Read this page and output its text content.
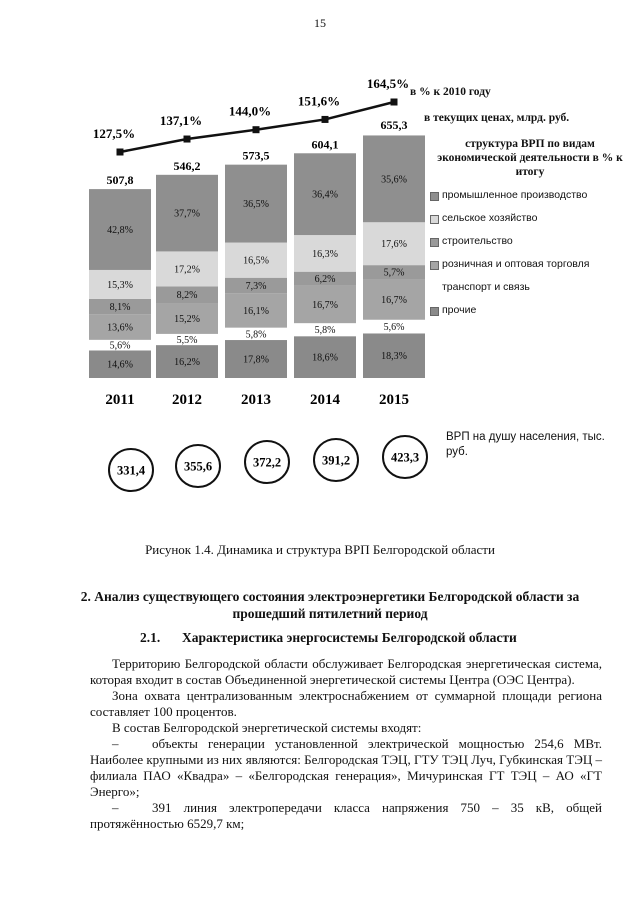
15
14,6%
5,6%
13,6%
8,1%
15,3%
42,8%
507,8
2011
16,2%
5,5%
15,2%
8,2%
17,2%
37,7%
546,2
2012
17,8%
5,8%
16,1%
7,3%
16,5%
36,5%
573,5
2013
18,6%
5,8%
16,7%
6,2%
16,3%
36,4%
604,1
2014
18,3%
5,6%
16,7%
5,7%
17,6%
35,6%
655,3
2015
127,5%
137,1%
144,0%
151,6%
164,5%
331,4	355,6	372,2	391,2	423,3
в % к 2010 году
в текущих ценах, млрд. руб.
структура ВРП по видам экономической деятельности в % к итогу
промышленное производство
сельское хозяйство
строительство
розничная и оптовая торговля
транспорт и связь
прочие
ВРП на душу населения, тыс. руб.
Рисунок 1.4. Динамика и структура ВРП Белгородской области
2. Анализ существующего состояния электроэнергетики Белгородской области за прошедший пятилетний период
2.1. Характеристика энергосистемы Белгородской области

Территорию Белгородской области обслуживает Белгородская энергетическая система, которая входит в состав Объединенной энергетической системы Центра (ОЭС Центра).

Зона охвата централизованным электроснабжением от суммарной площади региона составляет 100 процентов.

В состав Белгородской энергетической системы входят:

–	объекты генерации установленной электрической мощностью 254,6 МВт. Наиболее крупными из них являются: Белгородская ТЭЦ, ГТУ ТЭЦ Луч, Губкинская ТЭЦ – филиала ПАО «Квадра» – «Белгородская генерация», Мичуринская ГТ ТЭЦ – АО «ГТ Энерго»;

–	391 линия электропередачи класса напряжения 750 – 35 кВ, общей протяжённостью 6529,7 км;
